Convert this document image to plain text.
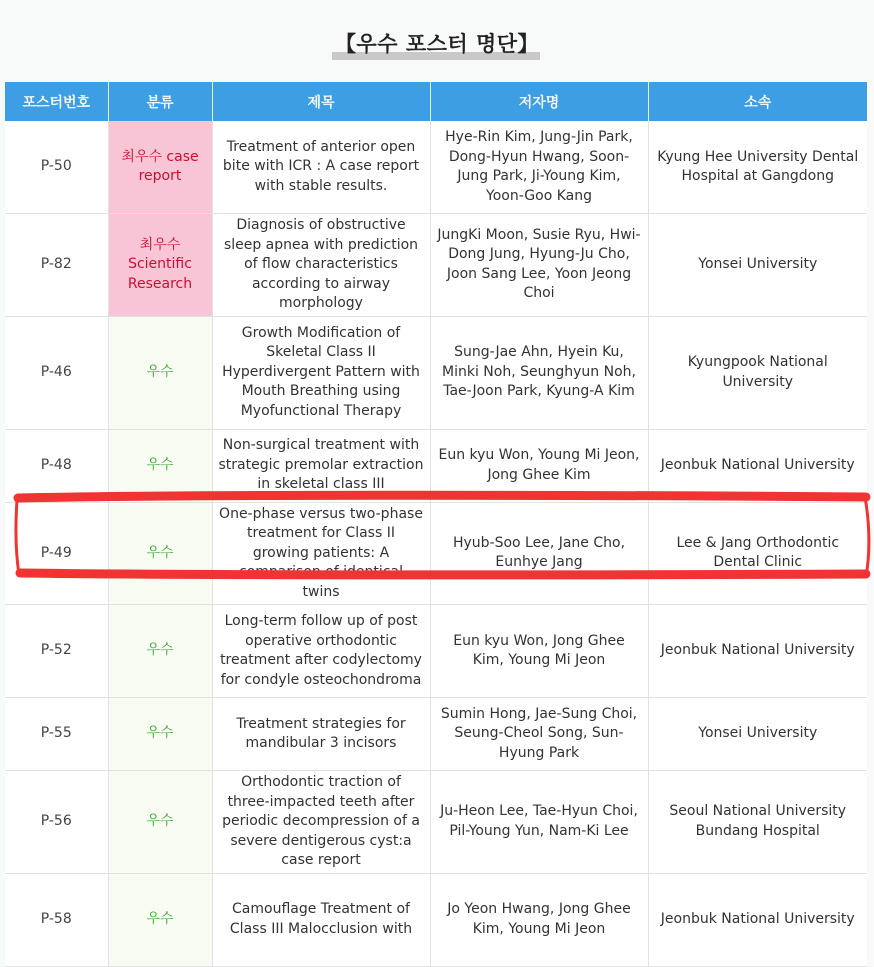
【우수 포스터 명단】
포스터번호	분류	제목	저자명	소속
P-50	최우수 case report	Treatment of anterior open bite with ICR : A case report with stable results.	Hye-Rin Kim, Jung-Jin Park, Dong-Hyun Hwang, Soon-Jung Park, Ji-Young Kim, Yoon-Goo Kang	Kyung Hee University Dental Hospital at Gangdong
P-82	최우수 Scientific Research	Diagnosis of obstructive sleep apnea with prediction of flow characteristics according to airway morphology	JungKi Moon, Susie Ryu, Hwi-Dong Jung, Hyung-Ju Cho, Joon Sang Lee, Yoon Jeong Choi	Yonsei University
P-46	우수	Growth Modification of Skeletal Class II Hyperdivergent Pattern with Mouth Breathing using Myofunctional Therapy	Sung-Jae Ahn, Hyein Ku, Minki Noh, Seunghyun Noh, Tae-Joon Park, Kyung-A Kim	Kyungpook National University
P-48	우수	Non-surgical treatment with strategic premolar extraction in skeletal class III	Eun kyu Won, Young Mi Jeon, Jong Ghee Kim	Jeonbuk National University
P-49	우수	One-phase versus two-phase treatment for Class II growing patients: A comparison of identical twins	Hyub-Soo Lee, Jane Cho, Eunhye Jang	Lee & Jang Orthodontic Dental Clinic
P-52	우수	Long-term follow up of post operative orthodontic treatment after codylectomy for condyle osteochondroma	Eun kyu Won, Jong Ghee Kim, Young Mi Jeon	Jeonbuk National University
P-55	우수	Treatment strategies for mandibular 3 incisors	Sumin Hong, Jae-Sung Choi, Seung-Cheol Song, Sun-Hyung Park	Yonsei University
P-56	우수	Orthodontic traction of three-impacted teeth after periodic decompression of a severe dentigerous cyst:a case report	Ju-Heon Lee, Tae-Hyun Choi, Pil-Young Yun, Nam-Ki Lee	Seoul National University Bundang Hospital
P-58	우수	Camouflage Treatment of Class III Malocclusion with	Jo Yeon Hwang, Jong Ghee Kim, Young Mi Jeon	Jeonbuk National University
